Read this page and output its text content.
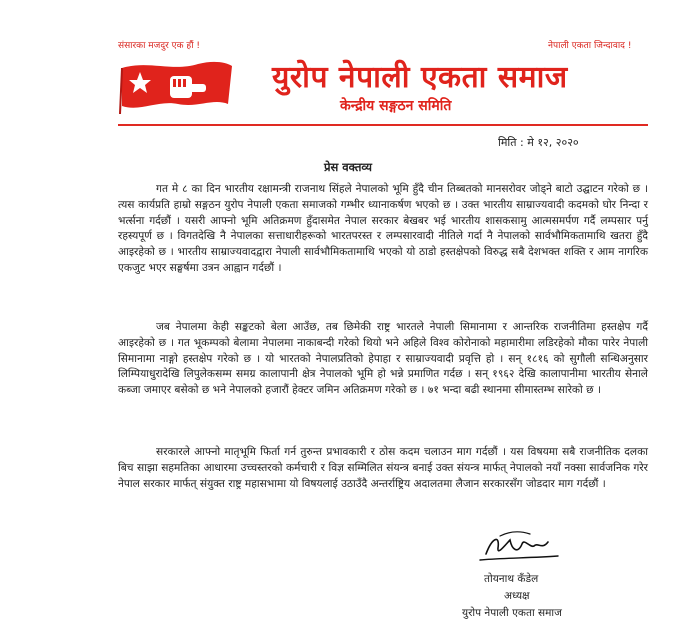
संसारका मजदुर एक हौं !	नेपाली एकता जिन्दावाद !
युरोप नेपाली एकता समाज
केन्द्रीय सङ्गठन समिति
मिति : मे १२, २०२०
प्रेस वक्तव्य
गत मे ८ का दिन भारतीय रक्षामन्त्री राजनाथ सिंहले नेपालको भूमि हुँदै चीन तिब्बतको मानसरोवर जोड्ने बाटो उद्घाटन गरेको छ । त्यस कार्यप्रति हाम्रो सङ्गठन युरोप नेपाली एकता समाजको गम्भीर ध्यानाकर्षण भएको छ । उक्त भारतीय साम्राज्यवादी कदमको घोर निन्दा र भर्त्सना गर्दछौं । यसरी आफ्नो भूमि अतिक्रमण हुँदासमेत नेपाल सरकार बेखबर भई भारतीय शासकसामु आत्मसमर्पण गर्दै लम्पसार पर्नु रहस्यपूर्ण छ । विगतदेखि नै नेपालका सत्ताधारीहरूको भारतपरस्त र लम्पसारवादी नीतिले गर्दा नै नेपालको सार्वभौमिकतामाथि खतरा हुँदै आइरहेको छ । भारतीय साम्राज्यवादद्वारा नेपाली सार्वभौमिकतामाथि भएको यो ठाडो हस्तक्षेपको विरुद्ध सबै देशभक्त शक्ति र आम नागरिक एकजुट भएर सङ्घर्षमा उत्रन आह्वान गर्दछौं ।
जब नेपालमा केही सङ्कटको बेला आउँछ, तब छिमेकी राष्ट्र भारतले नेपाली सिमानामा र आन्तरिक राजनीतिमा हस्तक्षेप गर्दै आइरहेको छ । गत भूकम्पको बेलामा नेपालमा नाकाबन्दी गरेको थियो भने अहिले विश्व कोरोनाको महामारीमा लडिरहेको मौका पारेर नेपाली सिमानामा नाङ्गो हस्तक्षेप गरेको छ । यो भारतको नेपालप्रतिको हेपाहा र साम्राज्यवादी प्रवृत्ति हो । सन् १८१६ को सुगौली सन्धिअनुसार लिम्पियाधुरादेखि लिपुलेकसम्म समग्र कालापानी क्षेत्र नेपालको भूमि हो भन्ने प्रमाणित गर्दछ । सन् १९६२ देखि कालापानीमा भारतीय सेनाले कब्जा जमाएर बसेको छ भने नेपालको हजारौं हेक्टर जमिन अतिक्रमण गरेको छ । ७१ भन्दा बढी स्थानमा सीमास्तम्भ सारेको छ ।
सरकारले आफ्नो मातृभूमि फिर्ता गर्न तुरुन्त प्रभावकारी र ठोस कदम चलाउन माग गर्दछौं । यस विषयमा सबै राजनीतिक दलका बिच साझा सहमतिका आधारमा उच्चस्तरको कर्मचारी र विज्ञ सम्मिलित संयन्त्र बनाई उक्त संयन्त्र मार्फत् नेपालको नयाँ नक्सा सार्वजनिक गरेर नेपाल सरकार मार्फत् संयुक्त राष्ट्र महासभामा यो विषयलाई उठाउँदै अन्तर्राष्ट्रिय अदालतमा लैजान सरकारसँग जोडदार माग गर्दछौं ।
तोयनाथ कँडेल
अध्यक्ष
युरोप नेपाली एकता समाज
